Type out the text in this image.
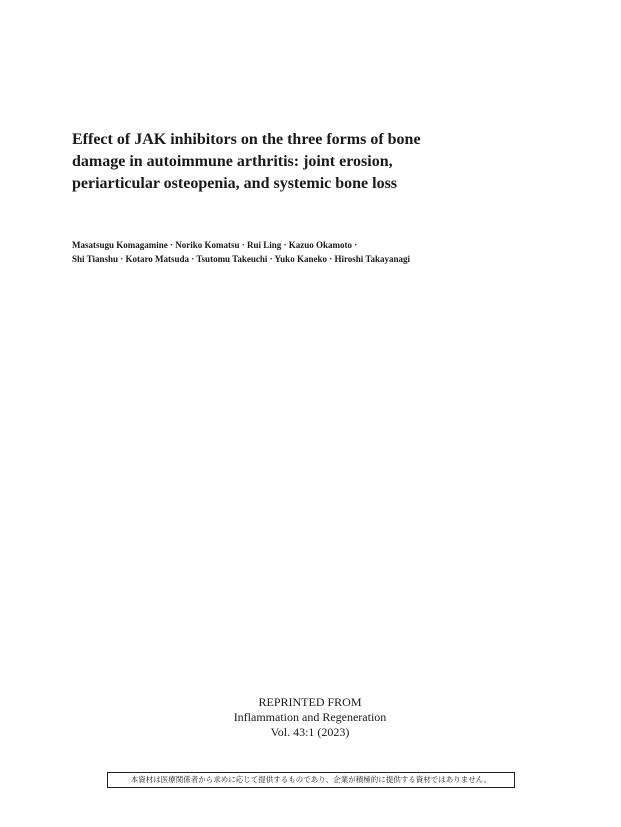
Effect of JAK inhibitors on the three forms of bone
damage in autoimmune arthritis: joint erosion,
periarticular osteopenia, and systemic bone loss
Masatsugu Komagamine · Noriko Komatsu · Rui Ling · Kazuo Okamoto ·
Shi Tianshu · Kotaro Matsuda · Tsutomu Takeuchi · Yuko Kaneko · Hiroshi Takayanagi
REPRINTED FROM
Inflammation and Regeneration
Vol. 43:1 (2023)
本資材は医療関係者から求めに応じて提供するものであり、企業が積極的に提供する資材ではありません。
